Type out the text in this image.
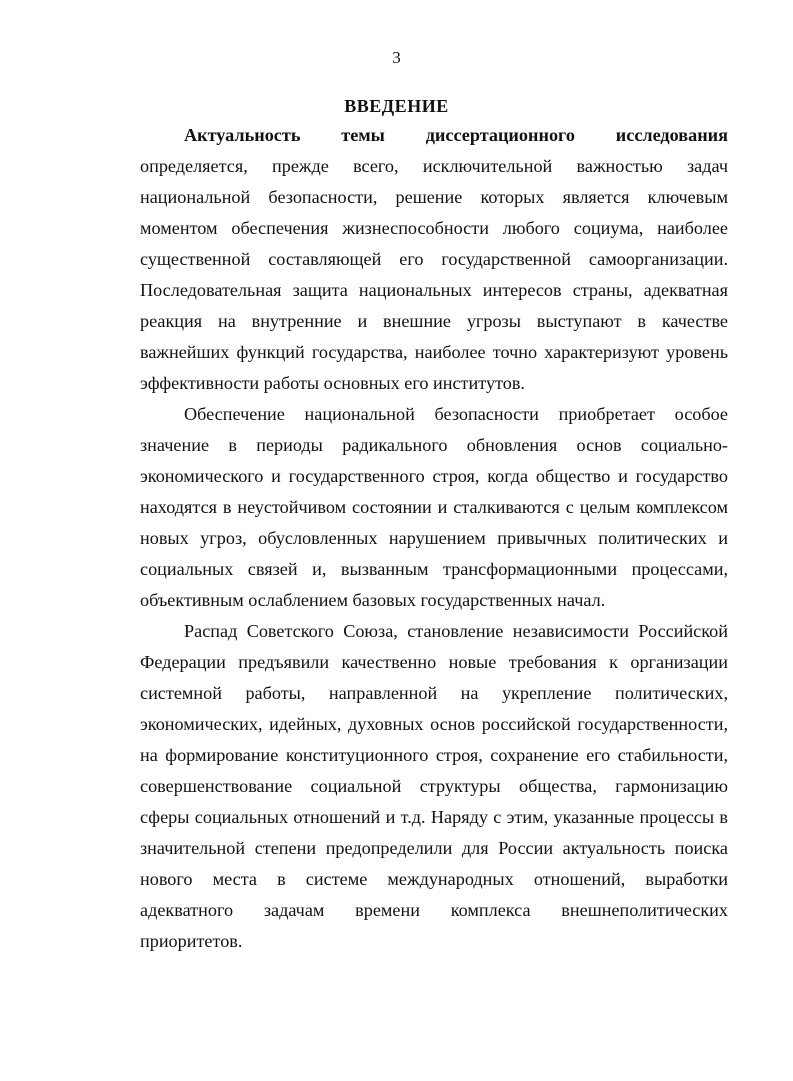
3
ВВЕДЕНИЕ
Актуальность темы диссертационного исследования
определяется, прежде всего, исключительной важностью задач
национальной безопасности, решение которых является ключевым
моментом обеспечения жизнеспособности любого социума, наиболее
существенной составляющей его государственной самоорганизации.
Последовательная защита национальных интересов страны, адекватная
реакция на внутренние и внешние угрозы выступают в качестве
важнейших функций государства, наиболее точно характеризуют уровень
эффективности работы основных его институтов.
Обеспечение национальной безопасности приобретает особое
значение в периоды радикального обновления основ социально-
экономического и государственного строя, когда общество и государство
находятся в неустойчивом состоянии и сталкиваются с целым комплексом
новых угроз, обусловленных нарушением привычных политических и
социальных связей и, вызванным трансформационными процессами,
объективным ослаблением базовых государственных начал.
Распад Советского Союза, становление независимости Российской
Федерации предъявили качественно новые требования к организации
системной работы, направленной на укрепление политических,
экономических, идейных, духовных основ российской государственности,
на формирование конституционного строя, сохранение его стабильности,
совершенствование социальной структуры общества, гармонизацию
сферы социальных отношений и т.д. Наряду с этим, указанные процессы в
значительной степени предопределили для России актуальность поиска
нового места в системе международных отношений, выработки
адекватного задачам времени комплекса внешнеполитических
приоритетов.
